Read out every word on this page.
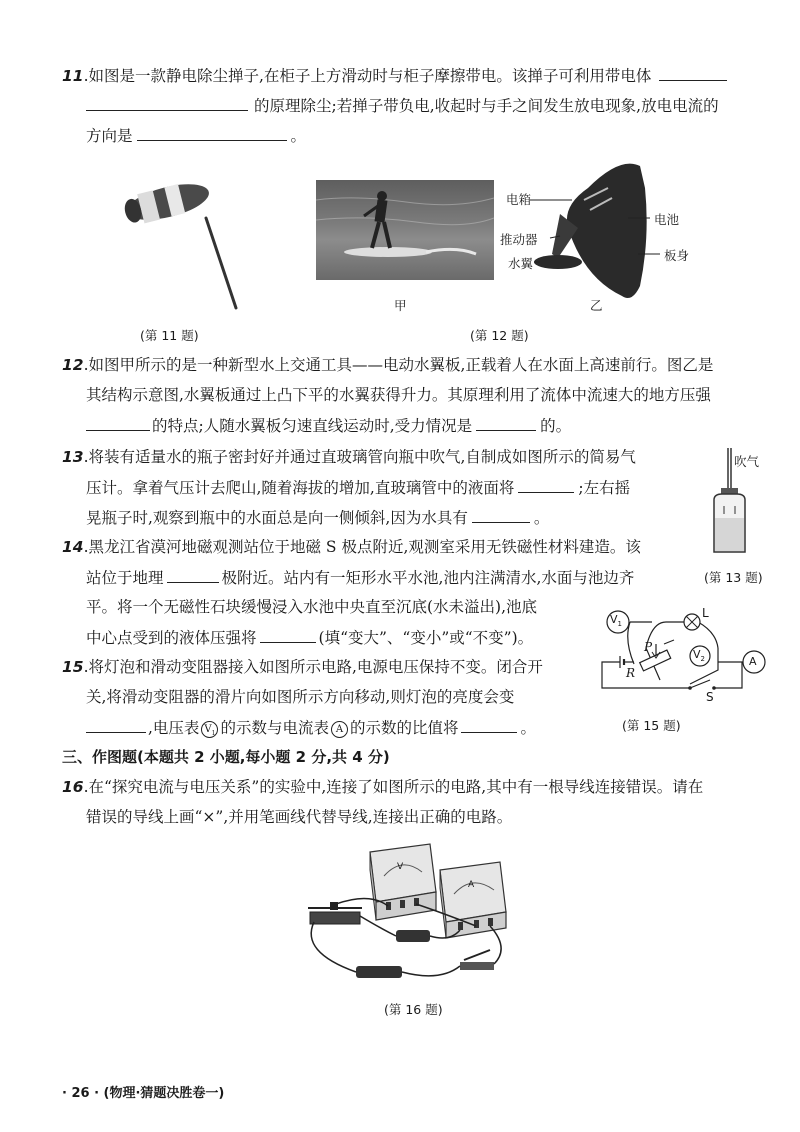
11.如图是一款静电除尘掸子,在柜子上方滑动时与柜子摩擦带电。该掸子可利用带电体
的原理除尘;若掸子带负电,收起时与手之间发生放电现象,放电电流的
方向是	。
(第 11 题)
甲
电箱
推动器
水翼
电池
板身
乙
(第 12 题)
12.如图甲所示的是一种新型水上交通工具——电动水翼板,正载着人在水面上高速前行。图乙是
其结构示意图,水翼板通过上凸下平的水翼获得升力。其原理利用了流体中流速大的地方压强
的特点;人随水翼板匀速直线运动时,受力情况是	的。
13.将装有适量水的瓶子密封好并通过直玻璃管向瓶中吹气,自制成如图所示的简易气
压计。拿着气压计去爬山,随着海拔的增加,直玻璃管中的液面将	;左右摇
晃瓶子时,观察到瓶中的水面总是向一侧倾斜,因为水具有	。
吹气
(第 13 题)
14.黑龙江省漠河地磁观测站位于地磁 S 极点附近,观测室采用无铁磁性材料建造。该
站位于地理	极附近。站内有一矩形水平水池,池内注满清水,水面与池边齐
平。将一个无磁性石块缓慢浸入水池中央直至沉底(水未溢出),池底
中心点受到的液体压强将	(填“变大”、“变小”或“不变”)。
15.将灯泡和滑动变阻器接入如图所示电路,电源电压保持不变。闭合开
关,将滑动变阻器的滑片向如图所示方向移动,则灯泡的亮度会变
,电压表 $V_1$ 的示数与电流表 A 的示数的比值将	。
$V_1$
$V_2$	A
L
P
R
S
(第 15 题)
三、作图题(本题共 2 小题,每小题 2 分,共 4 分)
16.在“探究电流与电压关系”的实验中,连接了如图所示的电路,其中有一根导线连接错误。请在
错误的导线上画“×”,并用笔画线代替导线,连接出正确的电路。
V
A
(第 16 题)
· 26 · (物理·猜题决胜卷一)
